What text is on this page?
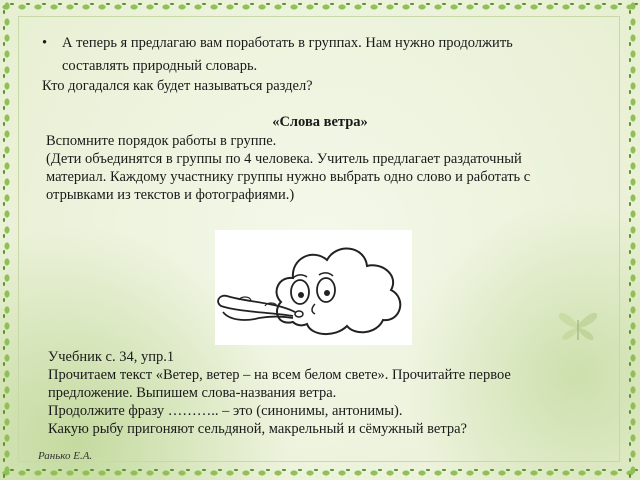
•	А теперь я предлагаю вам поработать в группах. Нам нужно продолжить
составлять природный словарь.
Кто догадался как будет называться раздел?
«Слова ветра»
Вспомните порядок работы в группе.
(Дети объединятся в группы по 4 человека. Учитель предлагает раздаточный
материал. Каждому участнику группы нужно выбрать одно слово и работать с
отрывками из текстов и фотографиями.)
Учебник с. 34, упр.1
Прочитаем текст «Ветер, ветер – на всем белом свете». Прочитайте первое
предложение. Выпишем слова-названия ветра.
Продолжите фразу ……….. – это (синонимы, антонимы).
Какую рыбу пригоняют сельдяной, макрельный и сёмужный ветра?
Ранько Е.А.
